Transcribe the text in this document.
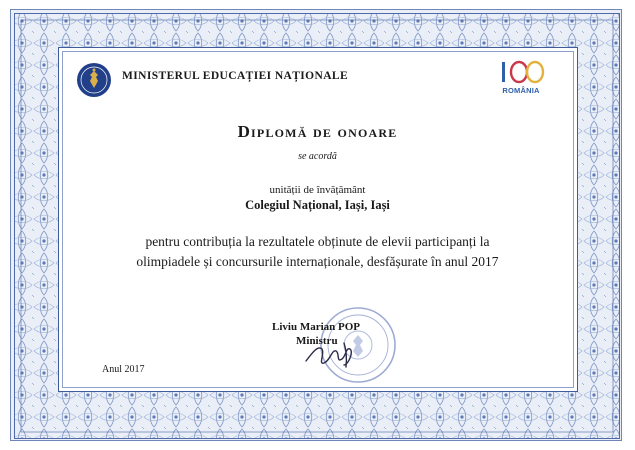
MINISTERUL EDUCAȚIEI NAȚIONALE
ROMÂNIA
Diplomă de onoare
se acordă
unității de învățământ
Colegiul Național, Iași, Iași
pentru contribuția la rezultatele obținute de elevii participanți la
olimpiadele și concursurile internaționale, desfășurate în anul 2017
Liviu Marian POP
Ministru
Anul 2017
